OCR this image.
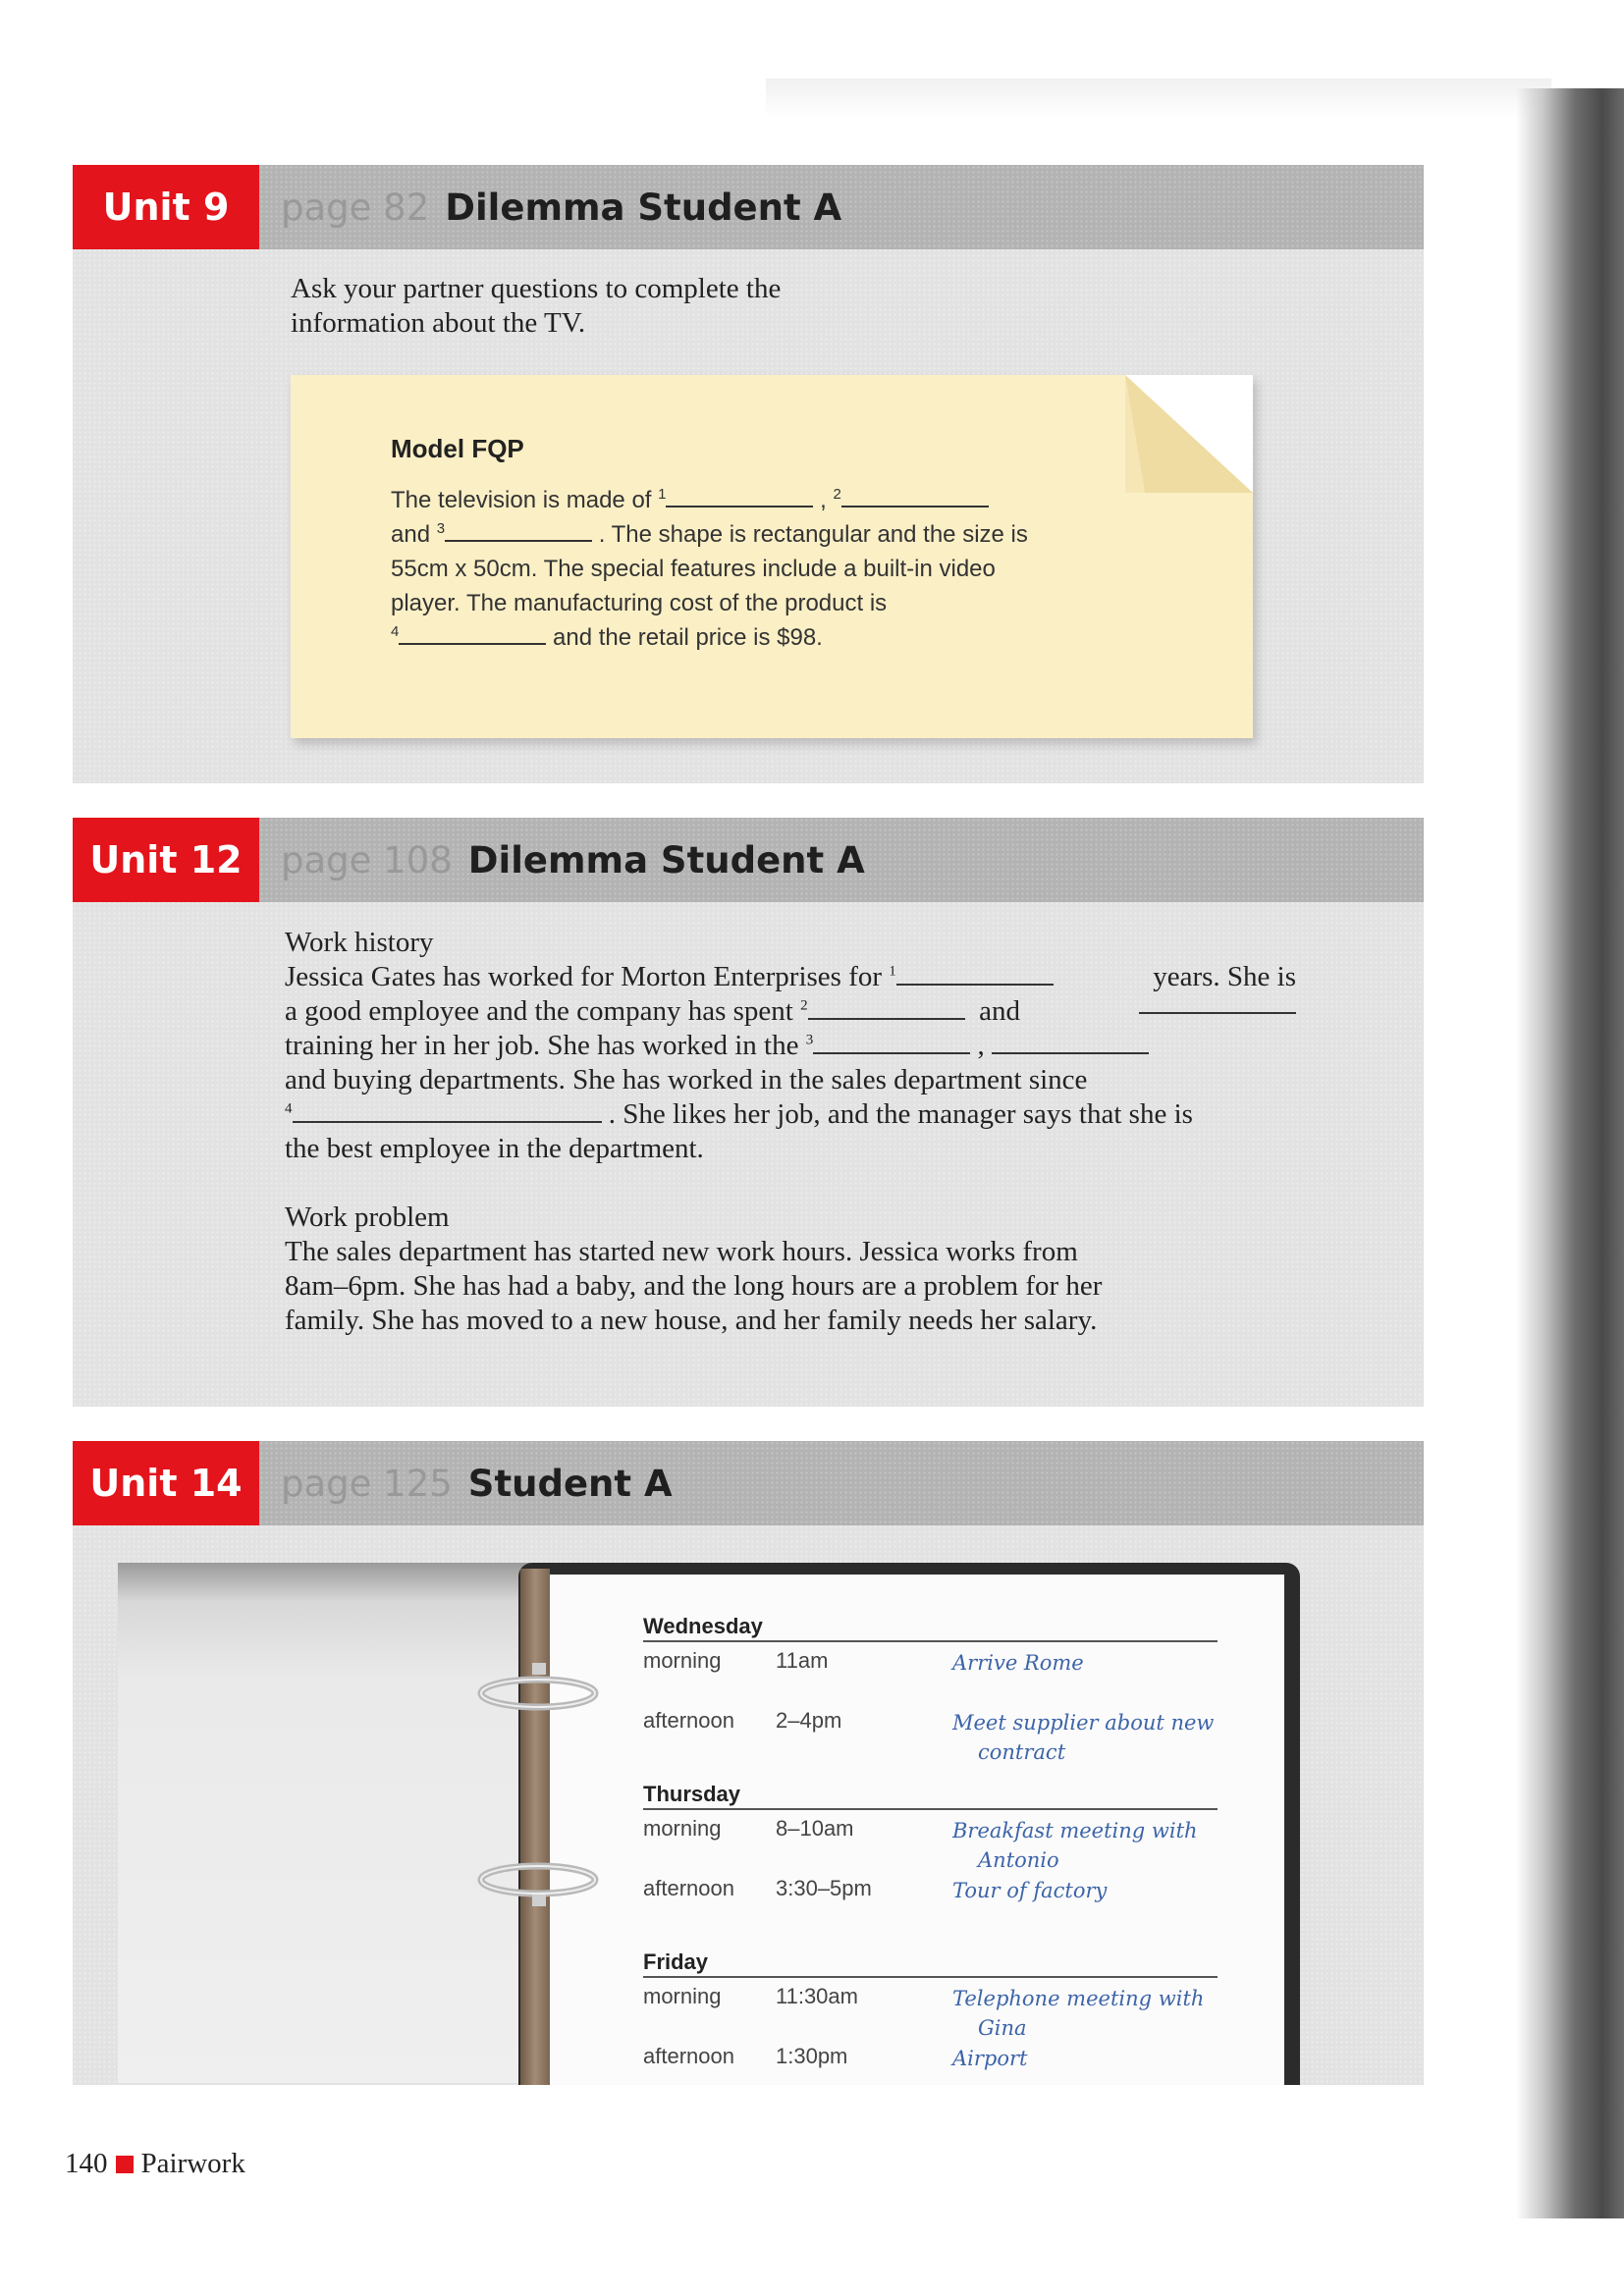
Unit 9	page 82 Dilemma Student A
Ask your partner questions to complete the
information about the TV.
Model FQP
The television is made of $^1$	, $^2$
and $^3$	. The shape is rectangular and the size is
55cm x 50cm. The special features include a built-in video
player. The manufacturing cost of the product is
$^4$	and the retail price is $98.
Unit 12	page 108 Dilemma Student A
Work history
Jessica Gates has worked for Morton Enterprises for $^1$	years. She is
a good employee and the company has spent $^2$	and
training her in her job. She has worked in the $^3$	,
and buying departments. She has worked in the sales department since
$^4$	. She likes her job, and the manager says that she is
the best employee in the department.
Work problem
The sales department has started new work hours. Jessica works from
8am–6pm. She has had a baby, and the long hours are a problem for her
family. She has moved to a new house, and her family needs her salary.
Unit 14	page 125 Student A
Wednesday
morning	11am	Arrive Rome
afternoon	2–4pm	Meet supplier about new
contract
Thursday
morning	8–10am	Breakfast meeting with
Antonio
afternoon	3:30–5pm	Tour of factory
Friday
morning	11:30am	Telephone meeting with
Gina
afternoon	1:30pm	Airport
140 Pairwork
